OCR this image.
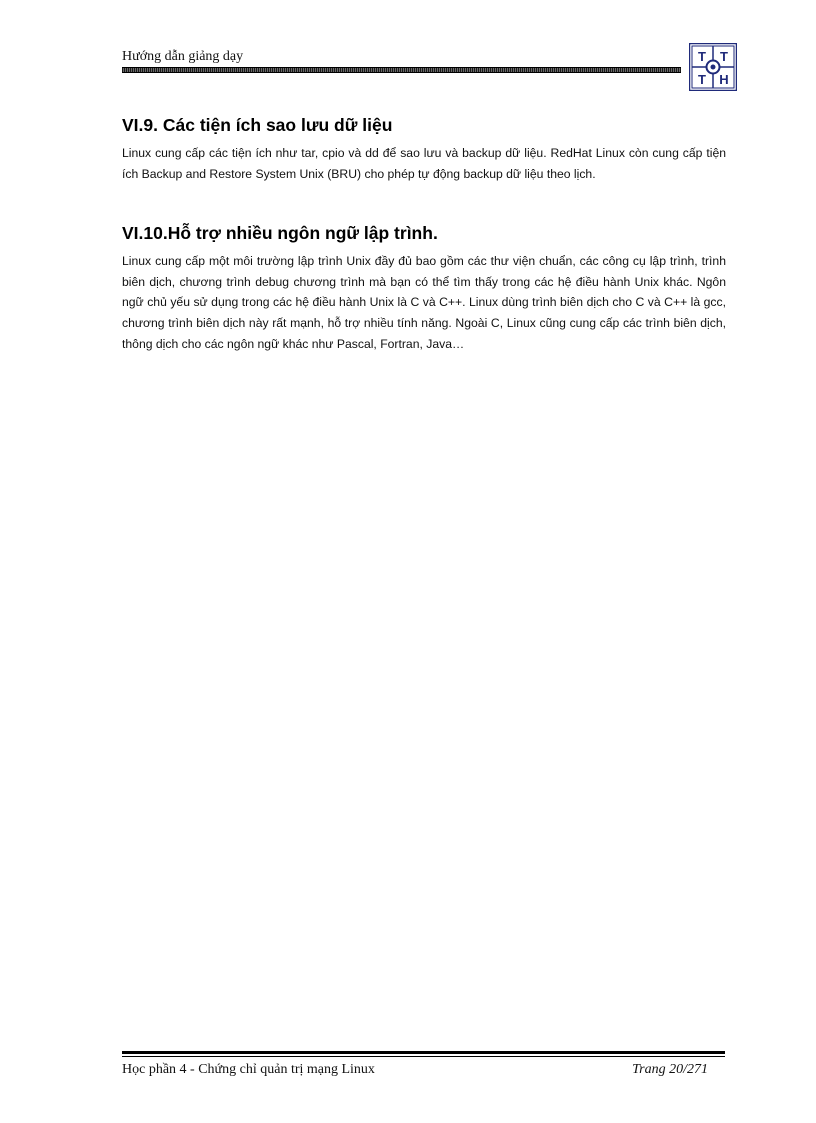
Hướng dẫn giảng dạy	T T
T H
VI.9. Các tiện ích sao lưu dữ liệu

Linux cung cấp các tiện ích như tar, cpio và dd để sao lưu và backup dữ liệu. RedHat Linux còn cung cấp tiện ích Backup and Restore System Unix (BRU) cho phép tự động backup dữ liệu theo lịch.

VI.10.Hỗ trợ nhiều ngôn ngữ lập trình.

Linux cung cấp một môi trường lập trình Unix đầy đủ bao gồm các thư viện chuẩn, các công cụ lập trình, trình biên dịch, chương trình debug chương trình mà bạn có thể tìm thấy trong các hệ điều hành Unix khác. Ngôn ngữ chủ yếu sử dụng trong các hệ điều hành Unix là C và C++. Linux dùng trình biên dịch cho C và C++ là gcc, chương trình biên dịch này rất mạnh, hỗ trợ nhiều tính năng. Ngoài C, Linux cũng cung cấp các trình biên dịch, thông dịch cho các ngôn ngữ khác như Pascal, Fortran, Java…

Học phần 4 - Chứng chỉ quản trị mạng Linux	Trang 20/271
